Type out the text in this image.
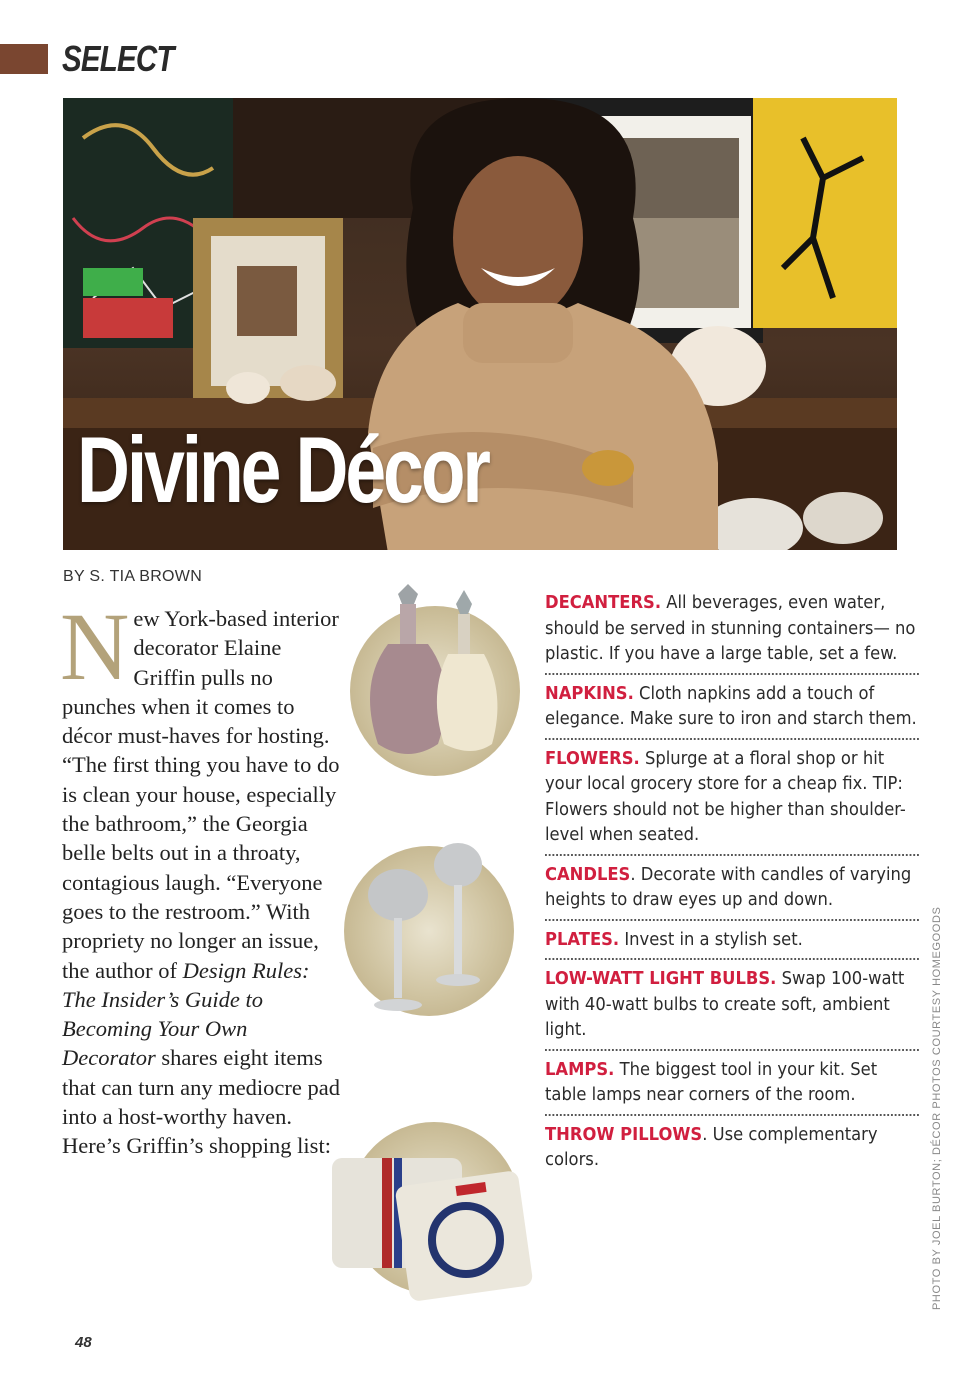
SELECT
Divine Décor
BY S. TIA BROWN
New York-based interior decorator Elaine Griffin pulls no punches when it comes to décor must-haves for hosting. “The first thing you have to do is clean your house, especially the bathroom,” the Georgia belle belts out in a throaty, contagious laugh. “Everyone goes to the restroom.” With propriety no longer an issue, the author of Design Rules: The Insider’s Guide to Becoming Your Own Decorator shares eight items that can turn any mediocre pad into a host-worthy haven. Here’s Griffin’s shopping list:
DECANTERS. All beverages, even water, should be served in stunning containers— no plastic. If you have a large table, set a few.
NAPKINS. Cloth napkins add a touch of elegance. Make sure to iron and starch them.
FLOWERS. Splurge at a floral shop or hit your local grocery store for a cheap fix. TIP: Flowers should not be higher than shoulder-level when seated.
CANDLES. Decorate with candles of varying heights to draw eyes up and down.
PLATES. Invest in a stylish set.
LOW-WATT LIGHT BULBS. Swap 100-watt with 40-watt bulbs to create soft, ambient light.
LAMPS. The biggest tool in your kit. Set table lamps near corners of the room.
THROW PILLOWS. Use complementary colors.	PHOTO BY JOEL BURTON; DÉCOR PHOTOS COURTESY HOMEGOODS
48
